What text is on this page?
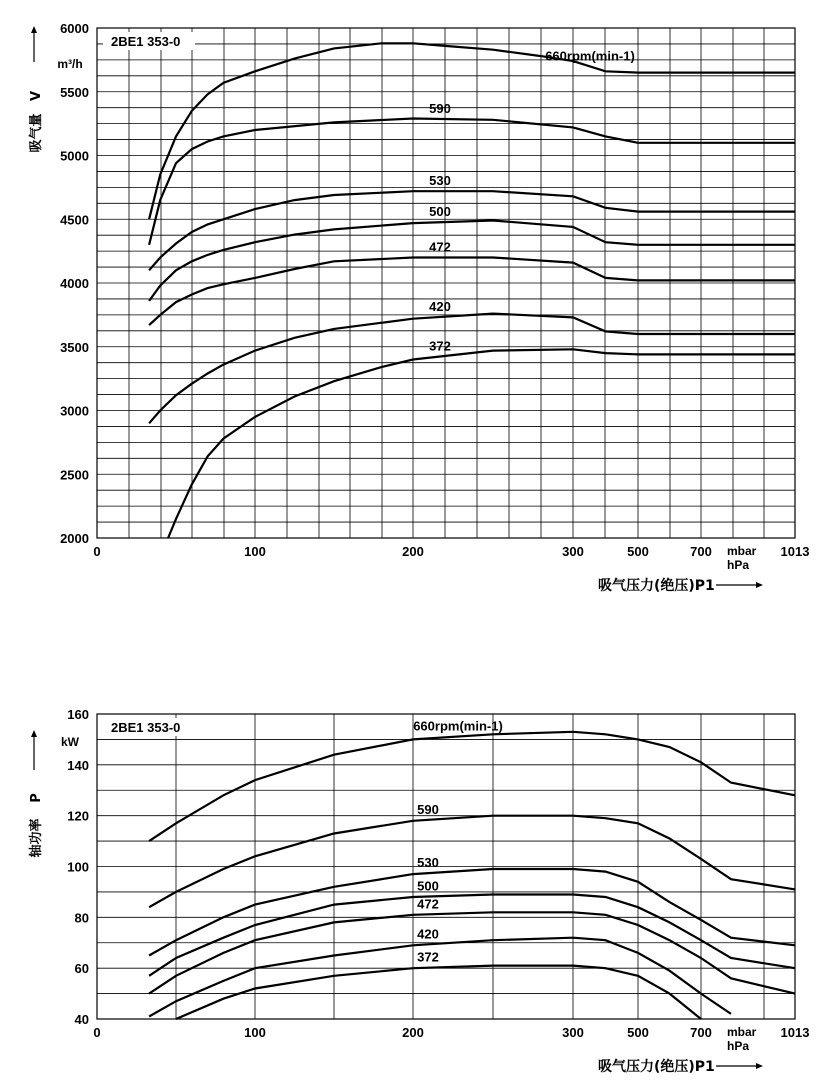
2000
2500
3000
3500
4000
4500
5000
5500
6000
0	100	200	300	500	700	1013
2BE1 353-0
mbar
hPa
吸气压力(绝压)P1
吸气量
V
m³/h
660rpm(min-1)
590
530
500
472
420
372
40
60
80
100
120
140
160
0	100	200	300	500	700	1013
2BE1 353-0
mbar
hPa
吸气压力(绝压)P1
轴功率
P
kW
660rpm(min-1)
590
530
500
472
420
372
